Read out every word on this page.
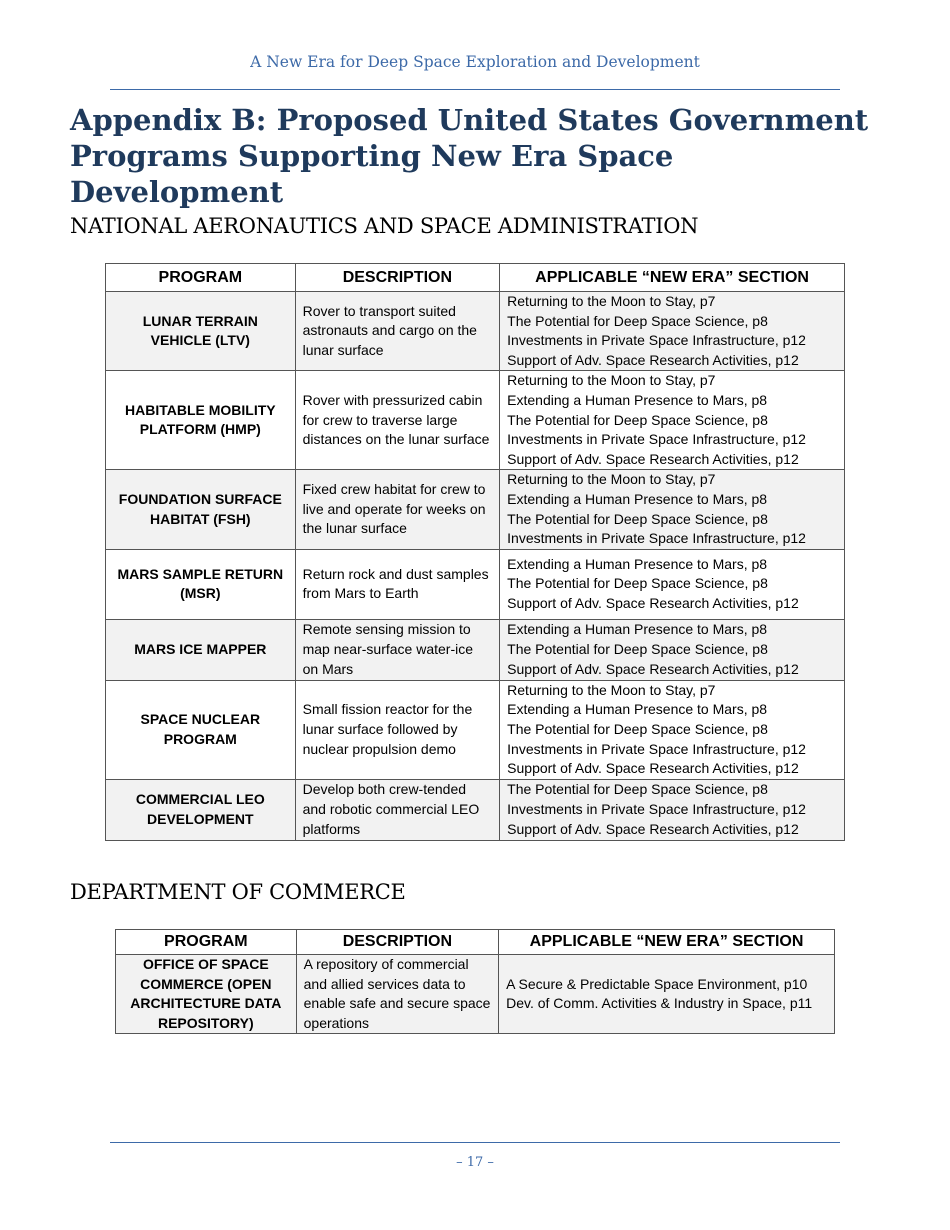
A New Era for Deep Space Exploration and Development
Appendix B: Proposed United States Government Programs Supporting New Era Space Development
NATIONAL AERONAUTICS AND SPACE ADMINISTRATION
PROGRAM	DESCRIPTION	APPLICABLE “NEW ERA” SECTION
LUNAR TERRAIN VEHICLE (LTV)	Rover to transport suited astronauts and cargo on the lunar surface	Returning to the Moon to Stay, p7
The Potential for Deep Space Science, p8
Investments in Private Space Infrastructure, p12
Support of Adv. Space Research Activities, p12

HABITABLE MOBILITY PLATFORM (HMP)	Rover with pressurized cabin for crew to traverse large distances on the lunar surface	Returning to the Moon to Stay, p7
Extending a Human Presence to Mars, p8
The Potential for Deep Space Science, p8
Investments in Private Space Infrastructure, p12
Support of Adv. Space Research Activities, p12

FOUNDATION SURFACE HABITAT (FSH)	Fixed crew habitat for crew to live and operate for weeks on the lunar surface	Returning to the Moon to Stay, p7
Extending a Human Presence to Mars, p8
The Potential for Deep Space Science, p8
Investments in Private Space Infrastructure, p12

MARS SAMPLE RETURN (MSR)	Return rock and dust samples from Mars to Earth	Extending a Human Presence to Mars, p8
The Potential for Deep Space Science, p8
Support of Adv. Space Research Activities, p12

MARS ICE MAPPER	Remote sensing mission to map near-surface water-ice on Mars	Extending a Human Presence to Mars, p8
The Potential for Deep Space Science, p8
Support of Adv. Space Research Activities, p12

SPACE NUCLEAR PROGRAM	Small fission reactor for the lunar surface followed by nuclear propulsion demo	Returning to the Moon to Stay, p7
Extending a Human Presence to Mars, p8
The Potential for Deep Space Science, p8
Investments in Private Space Infrastructure, p12
Support of Adv. Space Research Activities, p12

COMMERCIAL LEO DEVELOPMENT	Develop both crew-tended and robotic commercial LEO platforms	The Potential for Deep Space Science, p8
Investments in Private Space Infrastructure, p12
Support of Adv. Space Research Activities, p12
DEPARTMENT OF COMMERCE
PROGRAM	DESCRIPTION	APPLICABLE “NEW ERA” SECTION
OFFICE OF SPACE COMMERCE (OPEN ARCHITECTURE DATA REPOSITORY)	A repository of commercial and allied services data to enable safe and secure space operations	A Secure & Predictable Space Environment, p10
Dev. of Comm. Activities & Industry in Space, p11
– 17 –
